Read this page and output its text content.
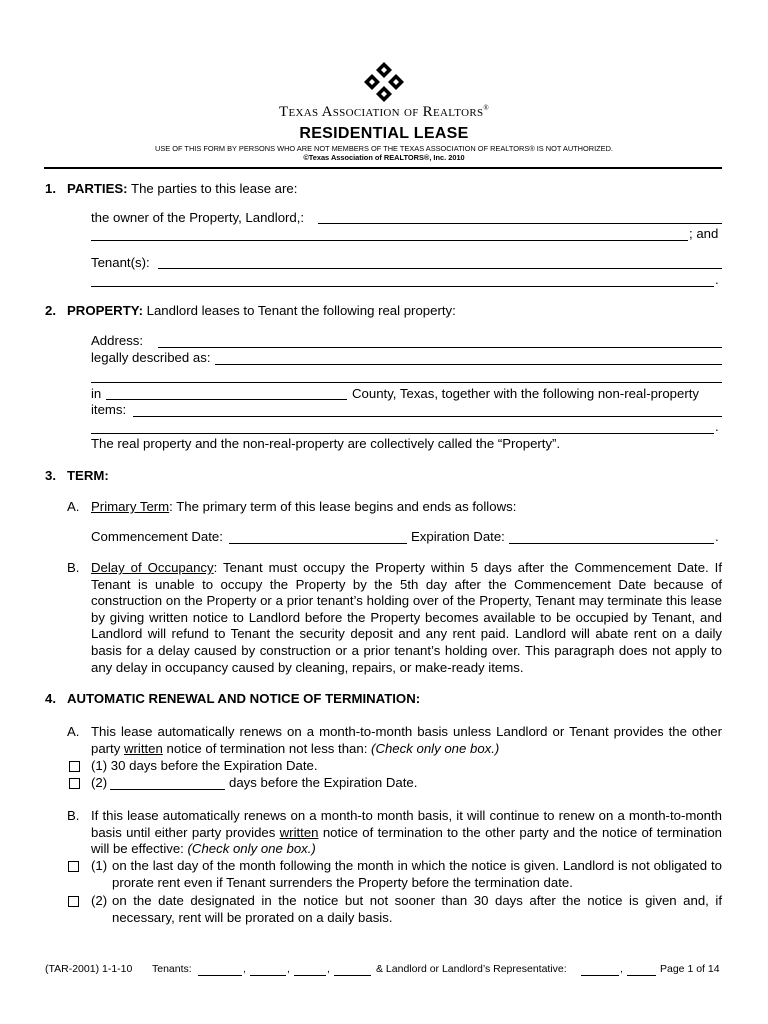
Texas Association of Realtors®
RESIDENTIAL LEASE
USE OF THIS FORM BY PERSONS WHO ARE NOT MEMBERS OF THE TEXAS ASSOCIATION OF REALTORS® IS NOT AUTHORIZED.
©Texas Association of REALTORS®, Inc. 2010
1. PARTIES: The parties to this lease are:
the owner of the Property, Landlord,:
; and
Tenant(s):
.
2. PROPERTY: Landlord leases to Tenant the following real property:
Address:
legally described as:
in	County, Texas, together with the following non-real-property
items:
.
The real property and the non-real-property are collectively called the “Property”.
3. TERM:
A. Primary Term: The primary term of this lease begins and ends as follows:
Commencement Date:	Expiration Date:	.
B. Delay of Occupancy: Tenant must occupy the Property within 5 days after the Commencement Date. If Tenant is unable to occupy the Property by the 5th day after the Commencement Date because of construction on the Property or a prior tenant’s holding over of the Property, Tenant may terminate this lease by giving written notice to Landlord before the Property becomes available to be occupied by Tenant, and Landlord will refund to Tenant the security deposit and any rent paid. Landlord will abate rent on a daily basis for a delay caused by construction or a prior tenant’s holding over. This paragraph does not apply to any delay in occupancy caused by cleaning, repairs, or make-ready items.

4. AUTOMATIC RENEWAL AND NOTICE OF TERMINATION:
A. This lease automatically renews on a month-to-month basis unless Landlord or Tenant provides the other party written notice of termination not less than: (Check only one box.)

(1) 30 days before the Expiration Date.
(2)	days before the Expiration Date.
B. If this lease automatically renews on a month-to month basis, it will continue to renew on a month-to-month basis until either party provides written notice of termination to the other party and the notice of termination will be effective: (Check only one box.)

(1) on the last day of the month following the month in which the notice is given. Landlord is not obligated to prorate rent even if Tenant surrenders the Property before the termination date.

(2) on the date designated in the notice but not sooner than 30 days after the notice is given and, if necessary, rent will be prorated on a daily basis.

(TAR-2001) 1-1-10 Tenants:	,	,	,	& Landlord or Landlord’s Representative:	,	Page 1 of 14
